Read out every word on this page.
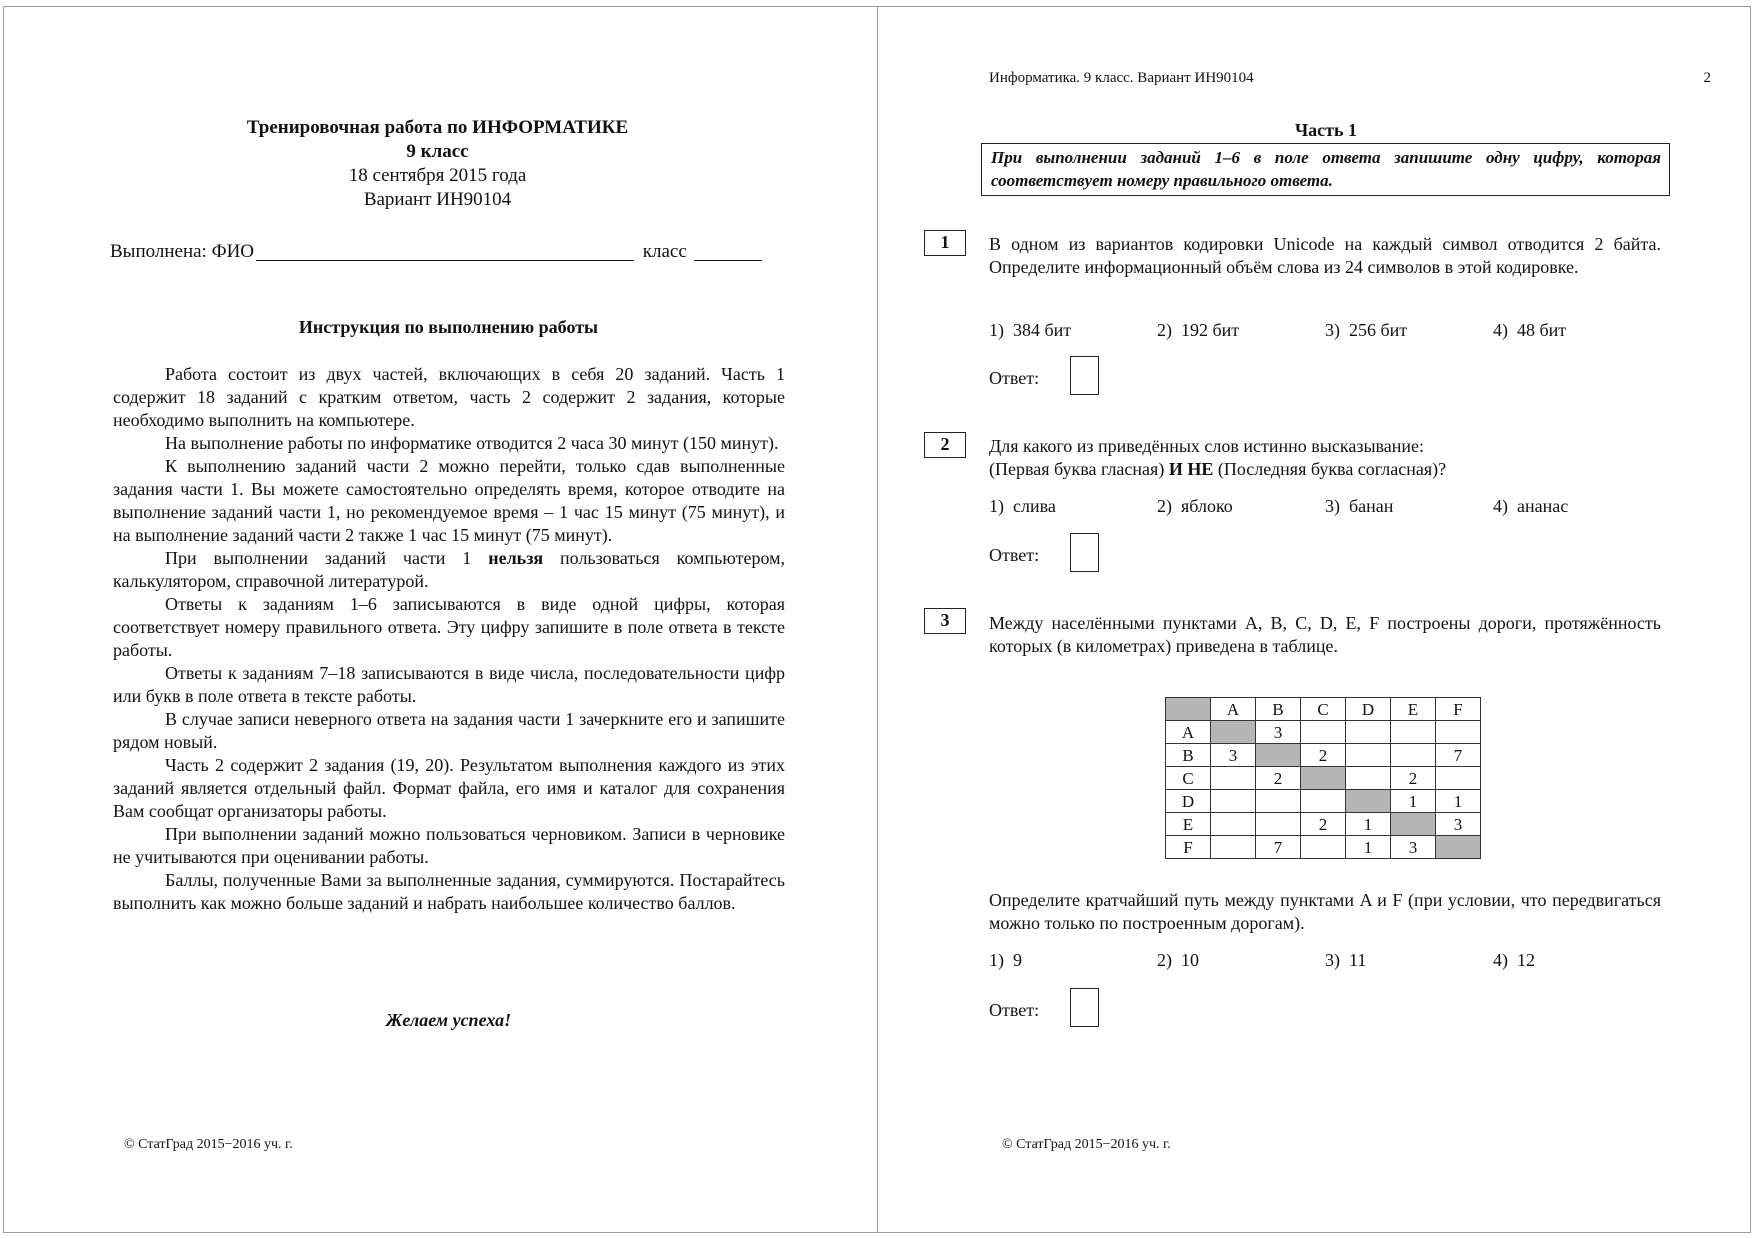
Тренировочная работа по ИНФОРМАТИКЕ
9 класс
18 сентября 2015 года
Вариант ИН90104
Выполнена: ФИО	класс
Инструкция по выполнению работы

Работа состоит из двух частей, включающих в себя 20 заданий. Часть 1 содержит 18 заданий с кратким ответом, часть 2 содержит 2 задания, которые необходимо выполнить на компьютере.

На выполнение работы по информатике отводится 2 часа 30 минут (150 минут).

К выполнению заданий части 2 можно перейти, только сдав выполненные задания части 1. Вы можете самостоятельно определять время, которое отводите на выполнение заданий части 1, но рекомендуемое время – 1 час 15 минут (75 минут), и на выполнение заданий части 2 также 1 час 15 минут (75 минут).

При выполнении заданий части 1 нельзя пользоваться компьютером, калькулятором, справочной литературой.

Ответы к заданиям 1–6 записываются в виде одной цифры, которая соответствует номеру правильного ответа. Эту цифру запишите в поле ответа в тексте работы.

Ответы к заданиям 7–18 записываются в виде числа, последовательности цифр или букв в поле ответа в тексте работы.

В случае записи неверного ответа на задания части 1 зачеркните его и запишите рядом новый.

Часть 2 содержит 2 задания (19, 20). Результатом выполнения каждого из этих заданий является отдельный файл. Формат файла, его имя и каталог для сохранения Вам сообщат организаторы работы.

При выполнении заданий можно пользоваться черновиком. Записи в черновике не учитываются при оценивании работы.

Баллы, полученные Вами за выполненные задания, суммируются. Постарайтесь выполнить как можно больше заданий и набрать наибольшее количество баллов.

Желаем успеха!
© СтатГрад 2015−2016 уч. г.
Информатика. 9 класс. Вариант ИН90104	2
Часть 1
При выполнении заданий 1–6 в поле ответа запишите одну цифру, которая соответствует номеру правильного ответа.
1	В одном из вариантов кодировки Unicode на каждый символ отводится 2 байта. Определите информационный объём слова из 24 символов в этой кодировке.
1) 384 бит	2) 192 бит	3) 256 бит	4) 48 бит
Ответ:
2	Для какого из приведённых слов истинно высказывание:
(Первая буква гласная) И НЕ (Последняя буква согласная)?
1) слива	2) яблоко	3) банан	4) ананас
Ответ:
3	Между населёнными пунктами A, B, C, D, E, F построены дороги, протяжённость которых (в километрах) приведена в таблице.
	A	B	C	D	E	F
A		3				
B	3		2			7
C		2			2	
D					1	1
E			2	1		3
F		7		1	3	
Определите кратчайший путь между пунктами A и F (при условии, что передвигаться можно только по построенным дорогам).
1) 9	2) 10	3) 11	4) 12
Ответ:
© СтатГрад 2015−2016 уч. г.
